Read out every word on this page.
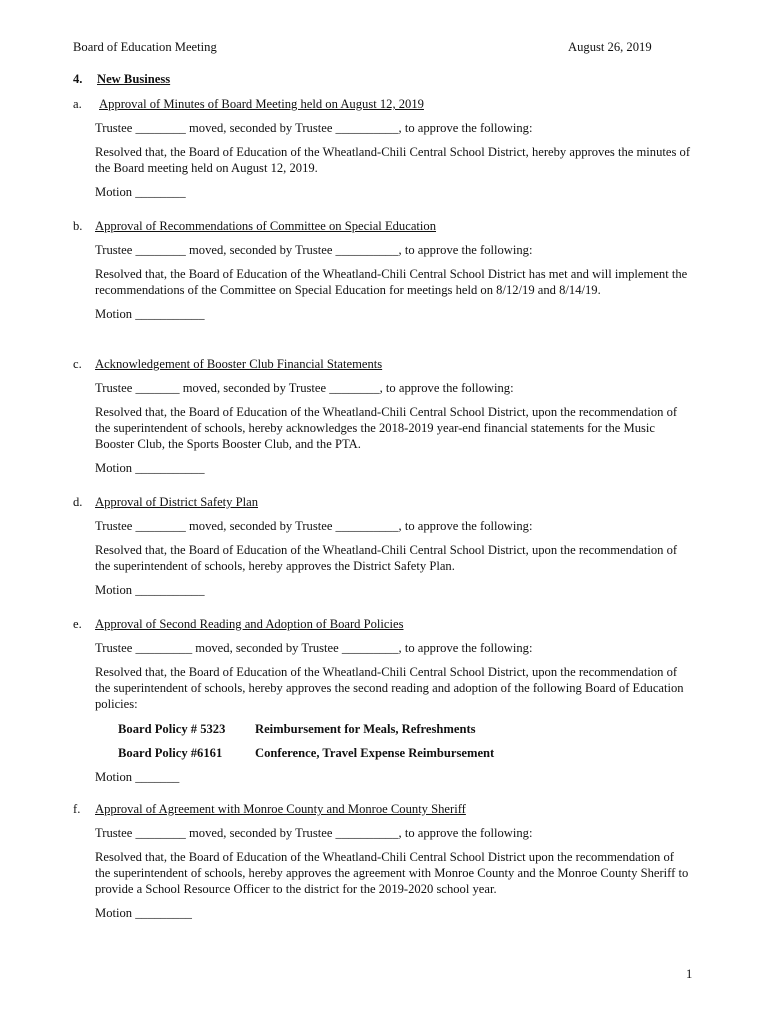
Board of Education Meeting	August 26, 2019
4. New Business
a.	Approval of Minutes of Board Meeting held on August 12, 2019

Trustee ________ moved, seconded by Trustee __________, to approve the following:

Resolved that, the Board of Education of the Wheatland-Chili Central School District, hereby approves the minutes of the Board meeting held on August 12, 2019.

Motion ________

b. Approval of Recommendations of Committee on Special Education

Trustee ________ moved, seconded by Trustee __________, to approve the following:

Resolved that, the Board of Education of the Wheatland-Chili Central School District has met and will implement the recommendations of the Committee on Special Education for meetings held on 8/12/19 and 8/14/19.

Motion ___________

c.	Acknowledgement of Booster Club Financial Statements

Trustee _______ moved, seconded by Trustee ________, to approve the following:

Resolved that, the Board of Education of the Wheatland-Chili Central School District, upon the recommendation of the superintendent of schools, hereby acknowledges the 2018-2019 year-end financial statements for the Music Booster Club, the Sports Booster Club, and the PTA.

Motion ___________

d. Approval of District Safety Plan

Trustee ________ moved, seconded by Trustee __________, to approve the following:

Resolved that, the Board of Education of the Wheatland-Chili Central School District, upon the recommendation of the superintendent of schools, hereby approves the District Safety Plan.

Motion ___________

e.	Approval of Second Reading and Adoption of Board Policies

Trustee _________ moved, seconded by Trustee _________, to approve the following:

Resolved that, the Board of Education of the Wheatland-Chili Central School District, upon the recommendation of the superintendent of schools, hereby approves the second reading and adoption of the following Board of Education policies:

Board Policy # 5323 Reimbursement for Meals, Refreshments
Board Policy #6161	Conference, Travel Expense Reimbursement

Motion _______

f.	Approval of Agreement with Monroe County and Monroe County Sheriff

Trustee ________ moved, seconded by Trustee __________, to approve the following:

Resolved that, the Board of Education of the Wheatland-Chili Central School District upon the recommendation of the superintendent of schools, hereby approves the agreement with Monroe County and the Monroe County Sheriff to provide a School Resource Officer to the district for the 2019-2020 school year.

Motion _________

1
